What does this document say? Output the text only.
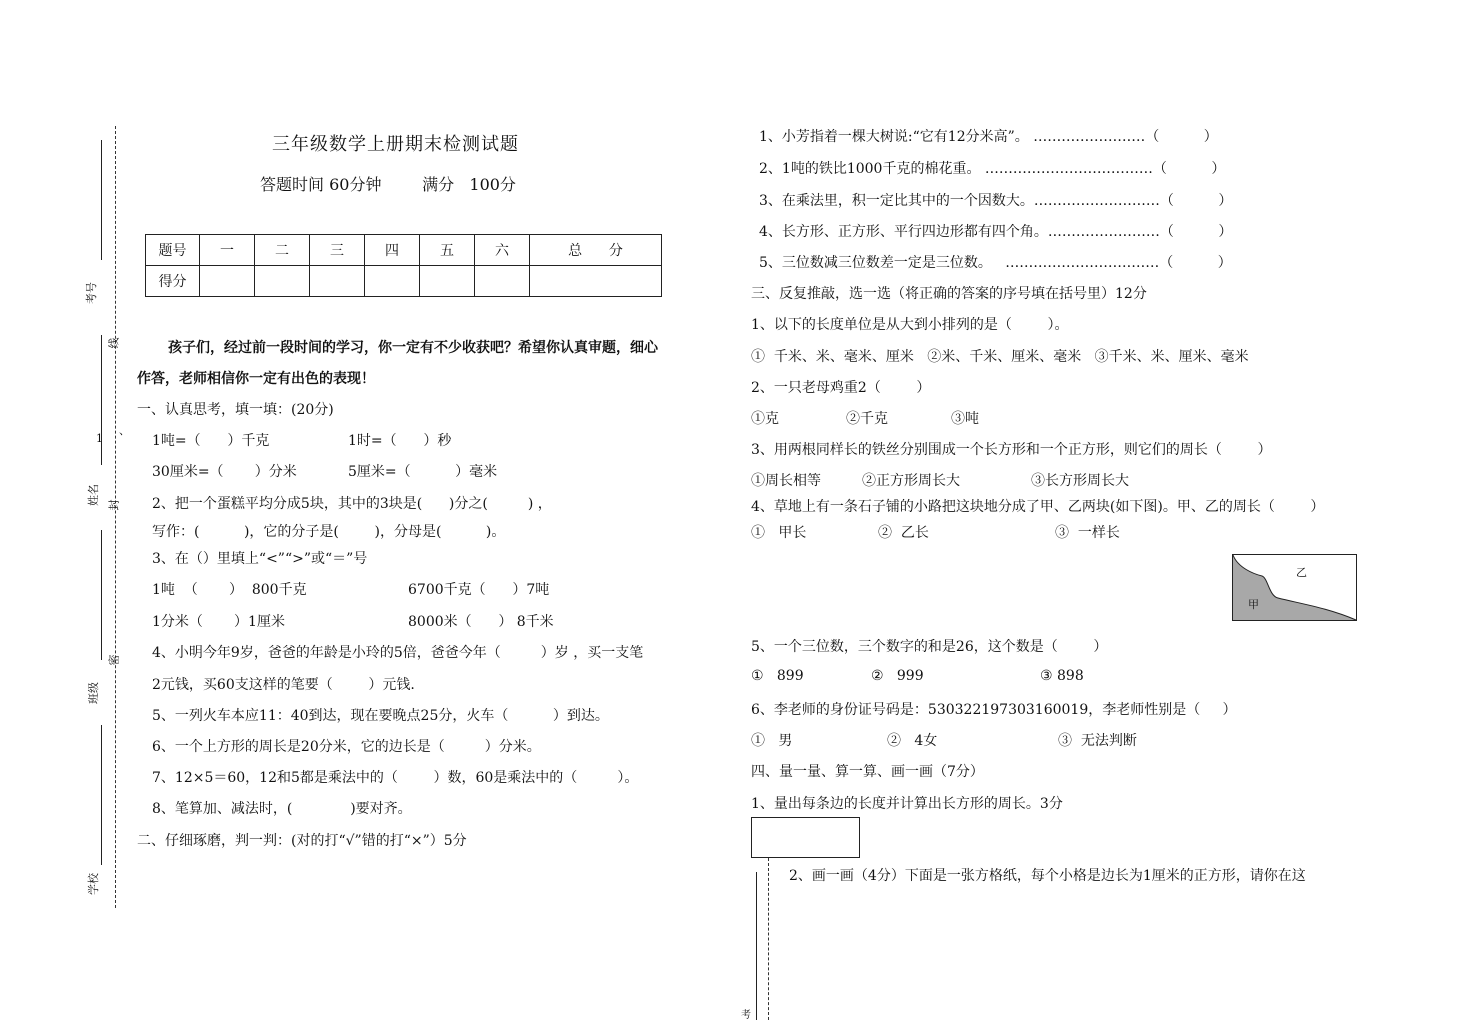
考号
线
1
、
姓名 封
密
班级
学校
三年级数学上册期末检测试题
答题时间 60分钟        满分   100分
题号	一	二	三	四	五	六	总      分
得分							
孩子们，经过前一段时间的学习，你一定有不少收获吧？希望你认真审题，细心
作答，老师相信你一定有出色的表现！
一、认真思考，填一填：(20分)
1吨=（      ）千克	1时=（      ）秒
30厘米=（       ）分米	5厘米=（          ）毫米
2、把一个蛋糕平均分成5块，其中的3块是(      )分之(         ) ，
写作：(          )，它的分子是(        )，分母是(          )。
3、在（）里填上“<”“>”或“＝”号
1吨  （       ）  800千克	6700千克（      ）7吨
1分米（       ）1厘米	8000米（      ） 8千米
4、小明今年9岁，爸爸的年龄是小玲的5倍，爸爸今年（         ）岁 ，买一支笔
2元钱，买60支这样的笔要（        ）元钱.
5、一列火车本应11：40到达，现在要晚点25分，火车（          ）到达。
6、一个上方形的周长是20分米，它的边长是（         ）分米。
7、12×5＝60，12和5都是乘法中的（        ）数，60是乘法中的（         ）。
8、笔算加、减法时，(             )要对齐。
二、仔细琢磨，判一判：(对的打“√”错的打“×”）5分
1、小芳指着一棵大树说:“它有12分米高”。 ……………………（          ）
2、1吨的铁比1000千克的棉花重。 ………………………………（          ）
3、在乘法里，积一定比其中的一个因数大。………………………（          ）
4、长方形、正方形、平行四边形都有四个角。……………………（          ）
5、三位数减三位数差一定是三位数。   ……………………………（          ）
三、反复推敲，选一选（将正确的答案的序号填在括号里）12分
1、以下的长度单位是从大到小排列的是（        ）。
①  千米、米、毫米、厘米   ②米、千米、厘米、毫米   ③千米、米、厘米、毫米
2、一只老母鸡重2（        ）
①克	②千克	③吨
3、用两根同样长的铁丝分别围成一个长方形和一个正方形，则它们的周长（        ）
①周长相等	②正方形周长大	③长方形周长大
4、草地上有一条石子铺的小路把这块地分成了甲、乙两块(如下图)。甲、乙的周长（        ）
①   甲长	②  乙长	③  一样长
乙
甲
5、一个三位数，三个数字的和是26，这个数是（        ）
①   899	②   999	③ 898
6、李老师的身份证号码是：530322197303160019，李老师性别是（     ）
①   男	②   4女	③  无法判断
四、量一量、算一算、画一画（7分）
1、量出每条边的长度并计算出长方形的周长。3分
考
2、画一画（4分）下面是一张方格纸，每个小格是边长为1厘米的正方形，请你在这
